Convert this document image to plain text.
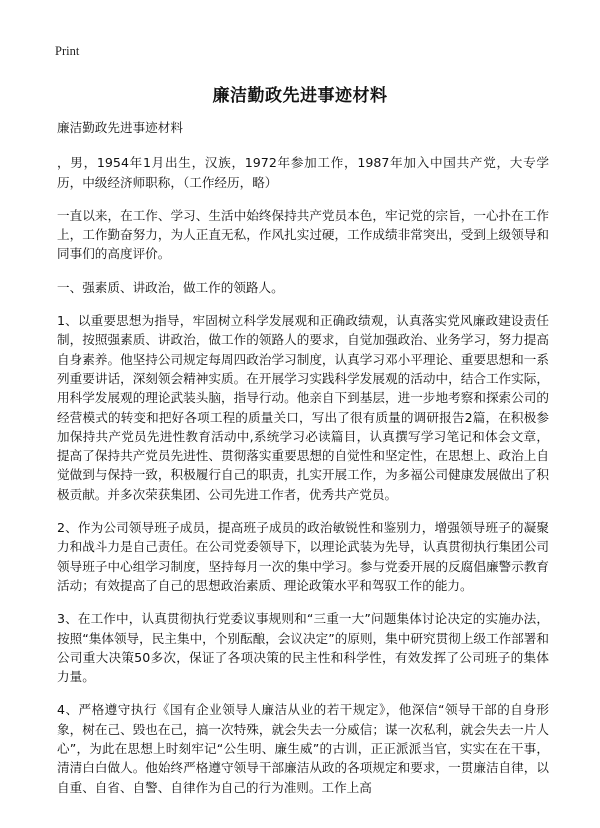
Print
廉洁勤政先进事迹材料

廉洁勤政先进事迹材料

，男，1954年1月出生，汉族，1972年参加工作，1987年加入中国共产党，大专学历，中级经济师职称，（工作经历，略）

一直以来，在工作、学习、生活中始终保持共产党员本色，牢记党的宗旨，一心扑在工作上，工作勤奋努力，为人正直无私，作风扎实过硬，工作成绩非常突出，受到上级领导和同事们的高度评价。

一、强素质、讲政治，做工作的领路人。

1、以重要思想为指导，牢固树立科学发展观和正确政绩观，认真落实党风廉政建设责任制，按照强素质、讲政治，做工作的领路人的要求，自觉加强政治、业务学习，努力提高自身素养。他坚持公司规定每周四政治学习制度，认真学习邓小平理论、重要思想和一系列重要讲话，深刻领会精神实质。在开展学习实践科学发展观的活动中，结合工作实际，用科学发展观的理论武装头脑，指导行动。他亲自下到基层，进一步地考察和探索公司的经营模式的转变和把好各项工程的质量关口，写出了很有质量的调研报告2篇，在积极参加保持共产党员先进性教育活动中,系统学习必读篇目，认真撰写学习笔记和体会文章，提高了保持共产党员先进性、贯彻落实重要思想的自觉性和坚定性，在思想上、政治上自觉做到与保持一致，积极履行自己的职责，扎实开展工作，为多福公司健康发展做出了积极贡献。并多次荣获集团、公司先进工作者，优秀共产党员。

2、作为公司领导班子成员，提高班子成员的政治敏锐性和鉴别力，增强领导班子的凝聚力和战斗力是自己责任。在公司党委领导下，以理论武装为先导，认真贯彻执行集团公司领导班子中心组学习制度，坚持每月一次的集中学习。参与党委开展的反腐倡廉警示教育活动；有效提高了自己的思想政治素质、理论政策水平和驾驭工作的能力。

3、在工作中，认真贯彻执行党委议事规则和“三重一大”问题集体讨论决定的实施办法，按照“集体领导，民主集中，个别酝酿，会议决定”的原则，集中研究贯彻上级工作部署和公司重大决策50多次，保证了各项决策的民主性和科学性，有效发挥了公司班子的集体力量。

4、严格遵守执行《国有企业领导人廉洁从业的若干规定》，他深信“领导干部的自身形象，树在己、毁也在己，搞一次特殊，就会失去一分威信；谋一次私利，就会失去一片人心”，为此在思想上时刻牢记“公生明、廉生威”的古训，正正派派当官，实实在在干事，清清白白做人。他始终严格遵守领导干部廉洁从政的各项规定和要求，一贯廉洁自律，以自重、自省、自警、自律作为自己的行为准则。工作上高
